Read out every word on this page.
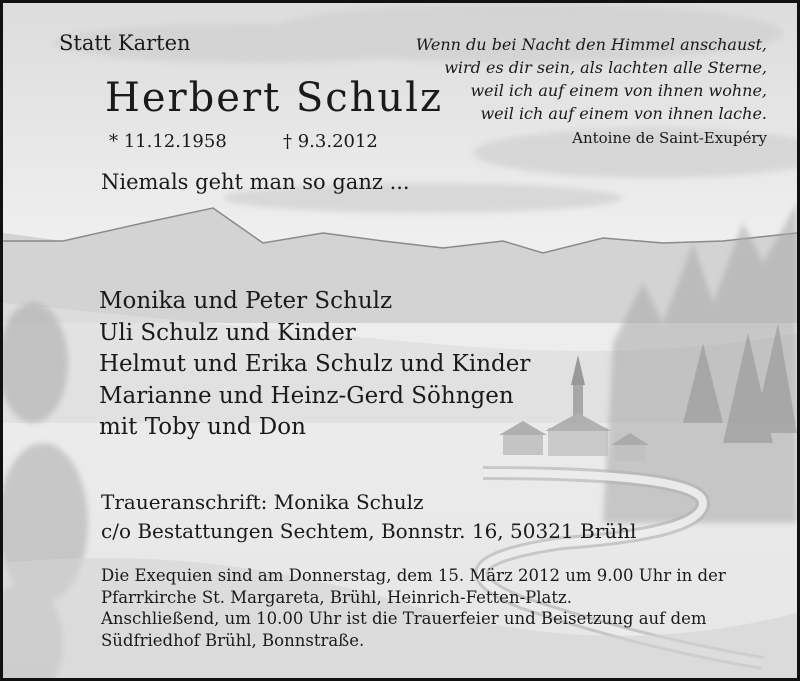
Statt Karten
Herbert Schulz
* 11.12.1958	† 9.3.2012
Niemals geht man so ganz ...
Wenn du bei Nacht den Himmel anschaust,
wird es dir sein, als lachten alle Sterne,
weil ich auf einem von ihnen wohne,
weil ich auf einem von ihnen lache.
Antoine de Saint-Exupéry
Monika und Peter Schulz
Uli Schulz und Kinder
Helmut und Erika Schulz und Kinder
Marianne und Heinz-Gerd Söhngen
mit Toby und Don
Traueranschrift: Monika Schulz
c/o Bestattungen Sechtem, Bonnstr. 16, 50321 Brühl
Die Exequien sind am Donnerstag, dem 15. März 2012 um 9.00 Uhr in der
Pfarrkirche St. Margareta, Brühl, Heinrich-Fetten-Platz.
Anschließend, um 10.00 Uhr ist die Trauerfeier und Beisetzung auf dem
Südfriedhof Brühl, Bonnstraße.
